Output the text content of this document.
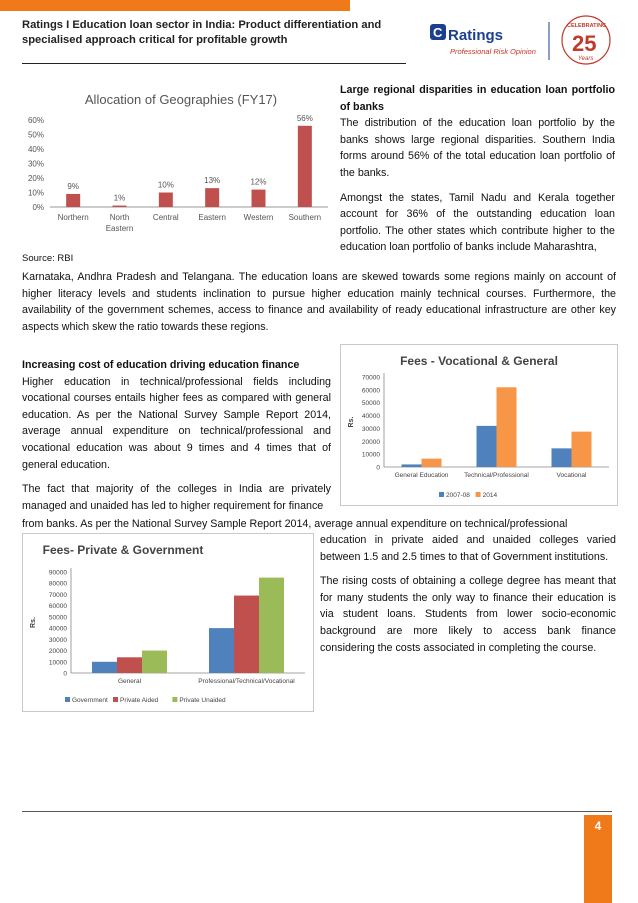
Ratings I Education loan sector in India: Product differentiation and specialised approach critical for profitable growth	C Ratings
Professional Risk Opinion
CELEBRATING
25
Years
Allocation of Geographies (FY17)
0%
10%
20%
30%
40%
50%
60%
9%
Northern
1%
North
Eastern
10%
Central
13%
Eastern
12%
Western
56%
Southern

Large regional disparities in education loan portfolio of banks

The distribution of the education loan portfolio by the banks shows large regional disparities. Southern India forms around 56% of the total education loan portfolio of the banks.

Amongst the states, Tamil Nadu and Kerala together account for 36% of the outstanding education loan portfolio. The other states which contribute higher to the education loan portfolio of banks include Maharashtra,

Source: RBI
Karnataka, Andhra Pradesh and Telangana. The education loans are skewed towards some regions mainly on account of higher literacy levels and students inclination to pursue higher education mainly technical courses. Furthermore, the availability of the government schemes, access to finance and availability of ready educational infrastructure are other key aspects which skew the ratio towards these regions.

Increasing cost of education driving education finance

Higher education in technical/professional fields including vocational courses entails higher fees as compared with general education. As per the National Survey Sample Report 2014, average annual expenditure on technical/professional and vocational education was about 9 times and 4 times that of general education.

The fact that majority of the colleges in India are privately managed and unaided has led to higher requirement for finance

Fees - Vocational & General
Rs.
0
10000
20000
30000
40000
50000
60000
70000
General Education Technical/Professional	Vocational
2007-08 2014
from banks. As per the National Survey Sample Report 2014, average annual expenditure on technical/professional
Fees- Private & Government
Rs.
0
10000
20000
30000
40000
50000
60000
70000
80000
90000
General	Professional/Technical/Vocational
Government Private Aided	Private Unaided

education in private aided and unaided colleges varied between 1.5 and 2.5 times to that of Government institutions.

The rising costs of obtaining a college degree has meant that for many students the only way to finance their education is via student loans. Students from lower socio-economic background are more likely to access bank finance considering the costs associated in completing the course.

4
